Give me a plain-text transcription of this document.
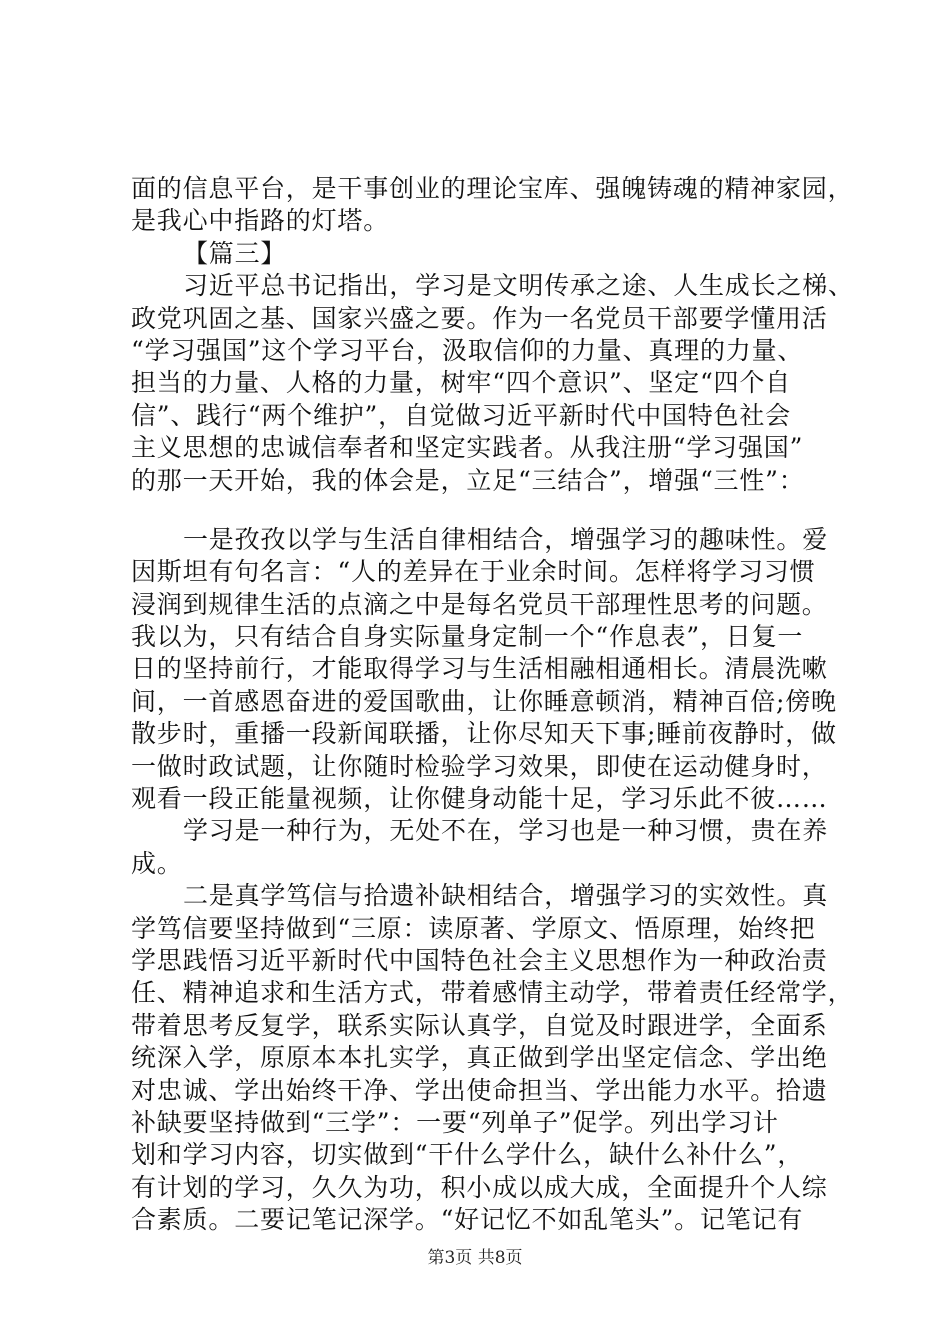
面的信息平台，是干事创业的理论宝库、强魄铸魂的精神家园，
是我心中指路的灯塔。
【篇三】
习近平总书记指出，学习是文明传承之途、人生成长之梯、
政党巩固之基、国家兴盛之要。作为一名党员干部要学懂用活
“学习强国”这个学习平台，汲取信仰的力量、真理的力量、
担当的力量、人格的力量，树牢“四个意识”、坚定“四个自
信”、践行“两个维护”，自觉做习近平新时代中国特色社会
主义思想的忠诚信奉者和坚定实践者。从我注册“学习强国”
的那一天开始，我的体会是，立足“三结合”，增强“三性”：
一是孜孜以学与生活自律相结合，增强学习的趣味性。爱
因斯坦有句名言：“人的差异在于业余时间。怎样将学习习惯
浸润到规律生活的点滴之中是每名党员干部理性思考的问题。
我以为，只有结合自身实际量身定制一个“作息表”，日复一
日的坚持前行，才能取得学习与生活相融相通相长。清晨洗嗽
间，一首感恩奋进的爱国歌曲，让你睡意顿消，精神百倍;傍晚
散步时，重播一段新闻联播，让你尽知天下事;睡前夜静时，做
一做时政试题，让你随时检验学习效果，即使在运动健身时，
观看一段正能量视频，让你健身动能十足，学习乐此不彼……
学习是一种行为，无处不在，学习也是一种习惯，贵在养
成。
二是真学笃信与拾遗补缺相结合，增强学习的实效性。真
学笃信要坚持做到“三原：读原著、学原文、悟原理，始终把
学思践悟习近平新时代中国特色社会主义思想作为一种政治责
任、精神追求和生活方式，带着感情主动学，带着责任经常学，
带着思考反复学，联系实际认真学，自觉及时跟进学，全面系
统深入学，原原本本扎实学，真正做到学出坚定信念、学出绝
对忠诚、学出始终干净、学出使命担当、学出能力水平。拾遗
补缺要坚持做到“三学”：一要“列单子”促学。列出学习计
划和学习内容，切实做到“干什么学什么，缺什么补什么”，
有计划的学习，久久为功，积小成以成大成，全面提升个人综
合素质。二要记笔记深学。“好记忆不如乱笔头”。记笔记有
第3页 共8页
